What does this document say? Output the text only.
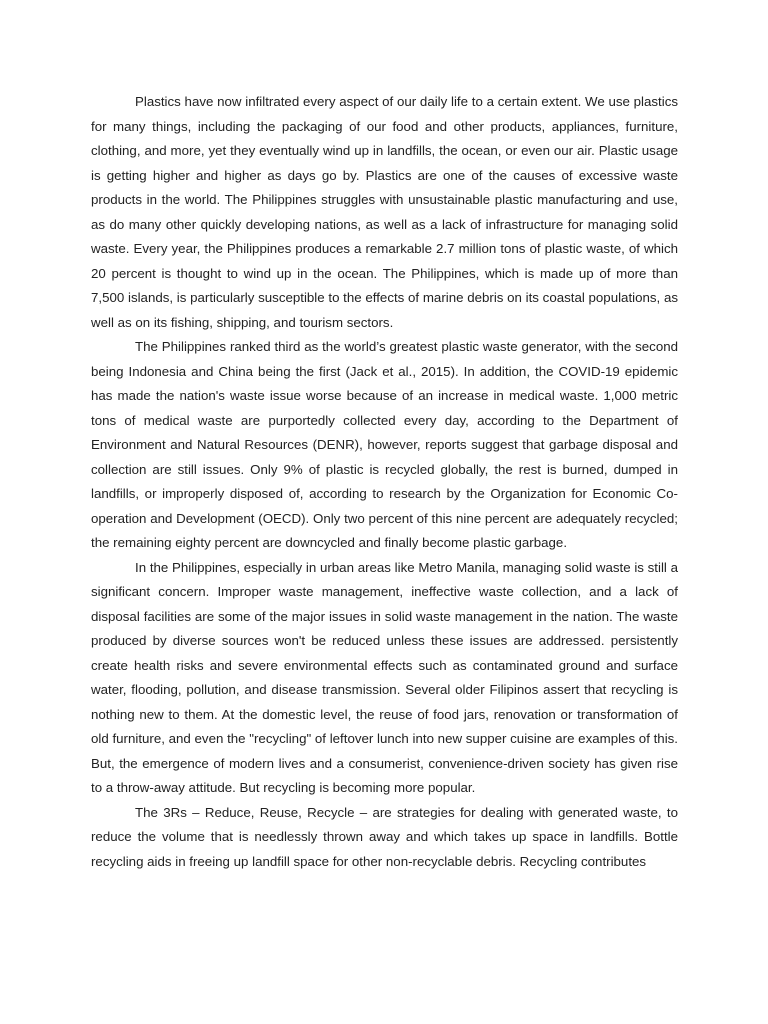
Plastics have now infiltrated every aspect of our daily life to a certain extent. We use plastics for many things, including the packaging of our food and other products, appliances, furniture, clothing, and more, yet they eventually wind up in landfills, the ocean, or even our air. Plastic usage is getting higher and higher as days go by. Plastics are one of the causes of excessive waste products in the world. The Philippines struggles with unsustainable plastic manufacturing and use, as do many other quickly developing nations, as well as a lack of infrastructure for managing solid waste. Every year, the Philippines produces a remarkable 2.7 million tons of plastic waste, of which 20 percent is thought to wind up in the ocean. The Philippines, which is made up of more than 7,500 islands, is particularly susceptible to the effects of marine debris on its coastal populations, as well as on its fishing, shipping, and tourism sectors.

The Philippines ranked third as the world’s greatest plastic waste generator, with the second being Indonesia and China being the first (Jack et al., 2015). In addition, the COVID-19 epidemic has made the nation's waste issue worse because of an increase in medical waste. 1,000 metric tons of medical waste are purportedly collected every day, according to the Department of Environment and Natural Resources (DENR), however, reports suggest that garbage disposal and collection are still issues. Only 9% of plastic is recycled globally, the rest is burned, dumped in landfills, or improperly disposed of, according to research by the Organization for Economic Co-operation and Development (OECD). Only two percent of this nine percent are adequately recycled; the remaining eighty percent are downcycled and finally become plastic garbage.

In the Philippines, especially in urban areas like Metro Manila, managing solid waste is still a significant concern. Improper waste management, ineffective waste collection, and a lack of disposal facilities are some of the major issues in solid waste management in the nation. The waste produced by diverse sources won't be reduced unless these issues are addressed. persistently create health risks and severe environmental effects such as contaminated ground and surface water, flooding, pollution, and disease transmission. Several older Filipinos assert that recycling is nothing new to them. At the domestic level, the reuse of food jars, renovation or transformation of old furniture, and even the "recycling" of leftover lunch into new supper cuisine are examples of this. But, the emergence of modern lives and a consumerist, convenience-driven society has given rise to a throw-away attitude. But recycling is becoming more popular.

The 3Rs – Reduce, Reuse, Recycle – are strategies for dealing with generated waste, to reduce the volume that is needlessly thrown away and which takes up space in landfills. Bottle recycling aids in freeing up landfill space for other non-recyclable debris. Recycling contributes
